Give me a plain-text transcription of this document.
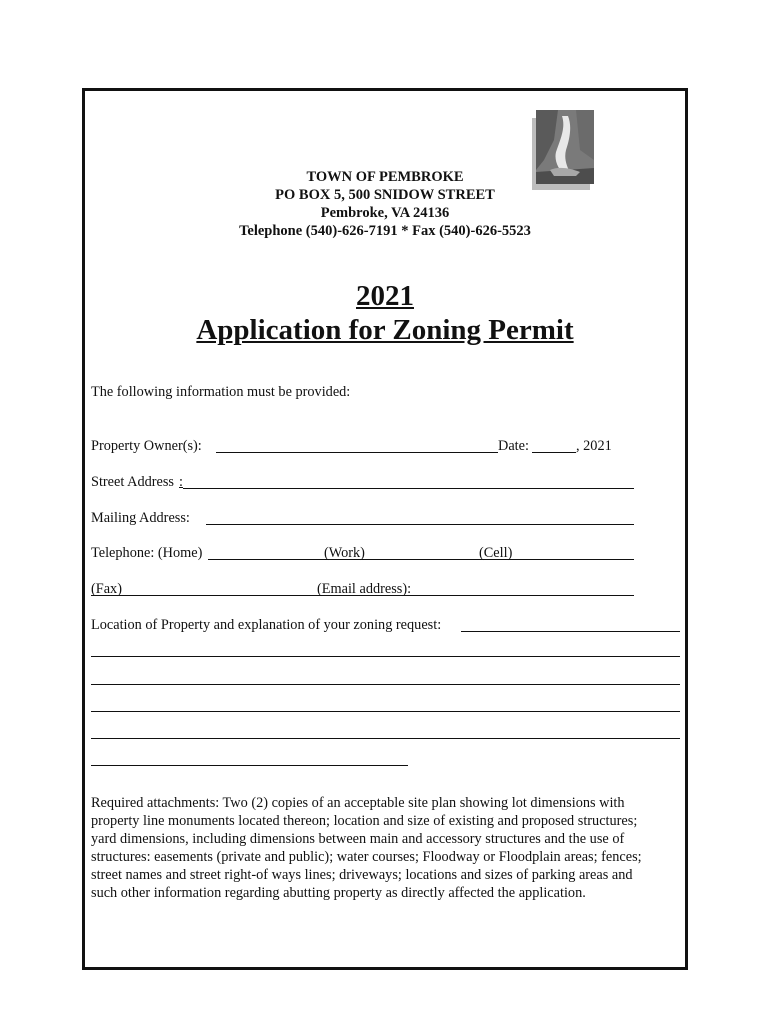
TOWN OF PEMBROKE
PO BOX 5, 500 SNIDOW STREET
Pembroke, VA 24136
Telephone (540)-626-7191 * Fax (540)-626-5523
2021
Application for Zoning Permit
The following information must be provided:
Property Owner(s):	Date:	, 2021
Street Address :
Mailing Address:
Telephone: (Home)	(Work)	(Cell)
(Fax)	(Email address):
Location of Property and explanation of your zoning request:
Required attachments: Two (2) copies of an acceptable site plan showing lot dimensions with
property line monuments located thereon; location and size of existing and proposed structures;
yard dimensions, including dimensions between main and accessory structures and the use of
structures: easements (private and public); water courses; Floodway or Floodplain areas; fences;
street names and street right-of ways lines; driveways; locations and sizes of parking areas and
such other information regarding abutting property as directly affected the application.
